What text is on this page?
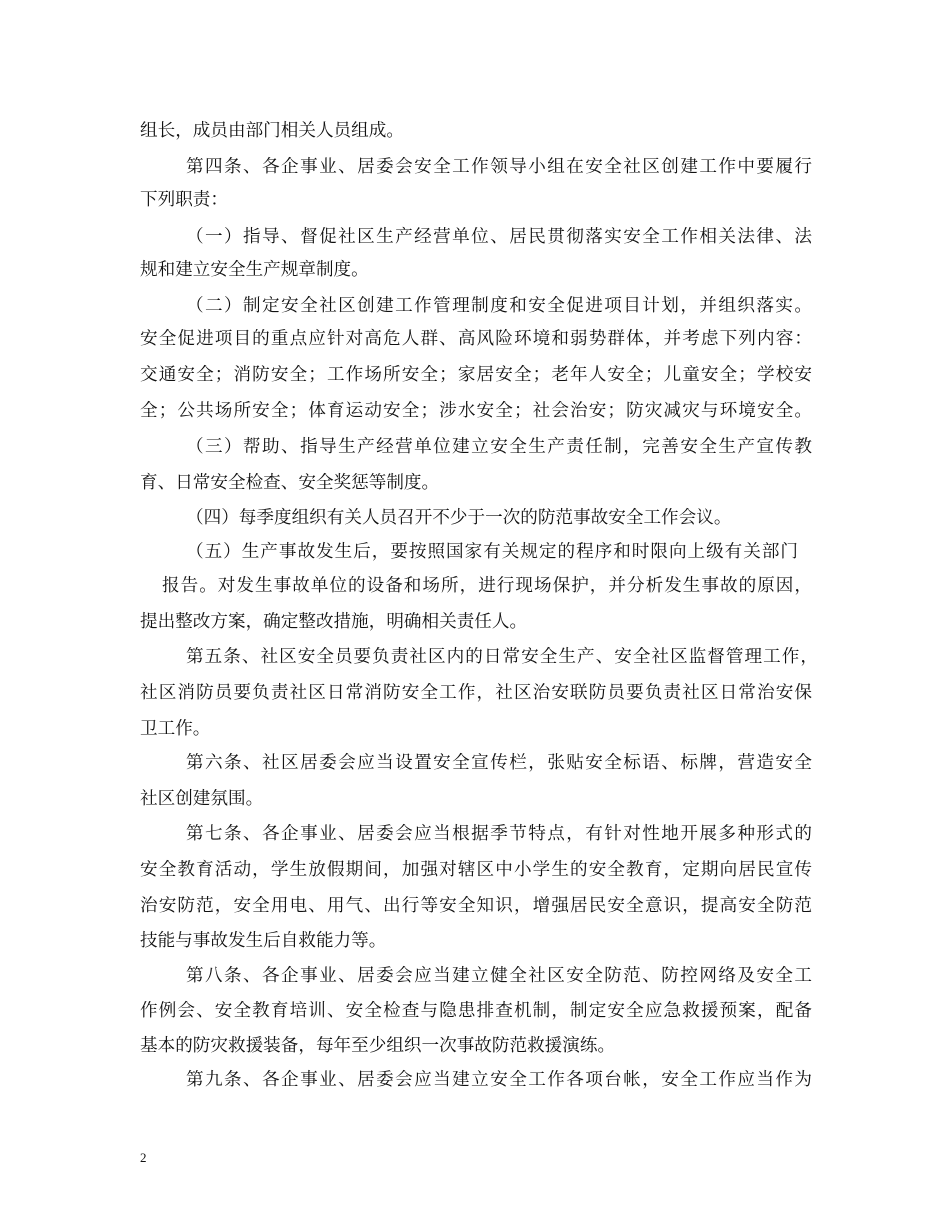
组长，成员由部门相关人员组成。
第四条、各企事业、居委会安全工作领导小组在安全社区创建工作中要履行
下列职责：
（一）指导、督促社区生产经营单位、居民贯彻落实安全工作相关法律、法
规和建立安全生产规章制度。
（二）制定安全社区创建工作管理制度和安全促进项目计划，并组织落实。
安全促进项目的重点应针对高危人群、高风险环境和弱势群体，并考虑下列内容：
交通安全；消防安全；工作场所安全；家居安全；老年人安全；儿童安全；学校安
全；公共场所安全；体育运动安全；涉水安全；社会治安；防灾减灾与环境安全。
（三）帮助、指导生产经营单位建立安全生产责任制，完善安全生产宣传教
育、日常安全检查、安全奖惩等制度。
（四）每季度组织有关人员召开不少于一次的防范事故安全工作会议。
（五）生产事故发生后，要按照国家有关规定的程序和时限向上级有关部门
报告。对发生事故单位的设备和场所，进行现场保护，并分析发生事故的原因，
提出整改方案，确定整改措施，明确相关责任人。
第五条、社区安全员要负责社区内的日常安全生产、安全社区监督管理工作，
社区消防员要负责社区日常消防安全工作，社区治安联防员要负责社区日常治安保
卫工作。
第六条、社区居委会应当设置安全宣传栏，张贴安全标语、标牌，营造安全
社区创建氛围。
第七条、各企事业、居委会应当根据季节特点，有针对性地开展多种形式的
安全教育活动，学生放假期间，加强对辖区中小学生的安全教育，定期向居民宣传
治安防范，安全用电、用气、出行等安全知识，增强居民安全意识，提高安全防范
技能与事故发生后自救能力等。
第八条、各企事业、居委会应当建立健全社区安全防范、防控网络及安全工
作例会、安全教育培训、安全检查与隐患排查机制，制定安全应急救援预案，配备
基本的防灾救援装备，每年至少组织一次事故防范救援演练。
第九条、各企事业、居委会应当建立安全工作各项台帐，安全工作应当作为
2
